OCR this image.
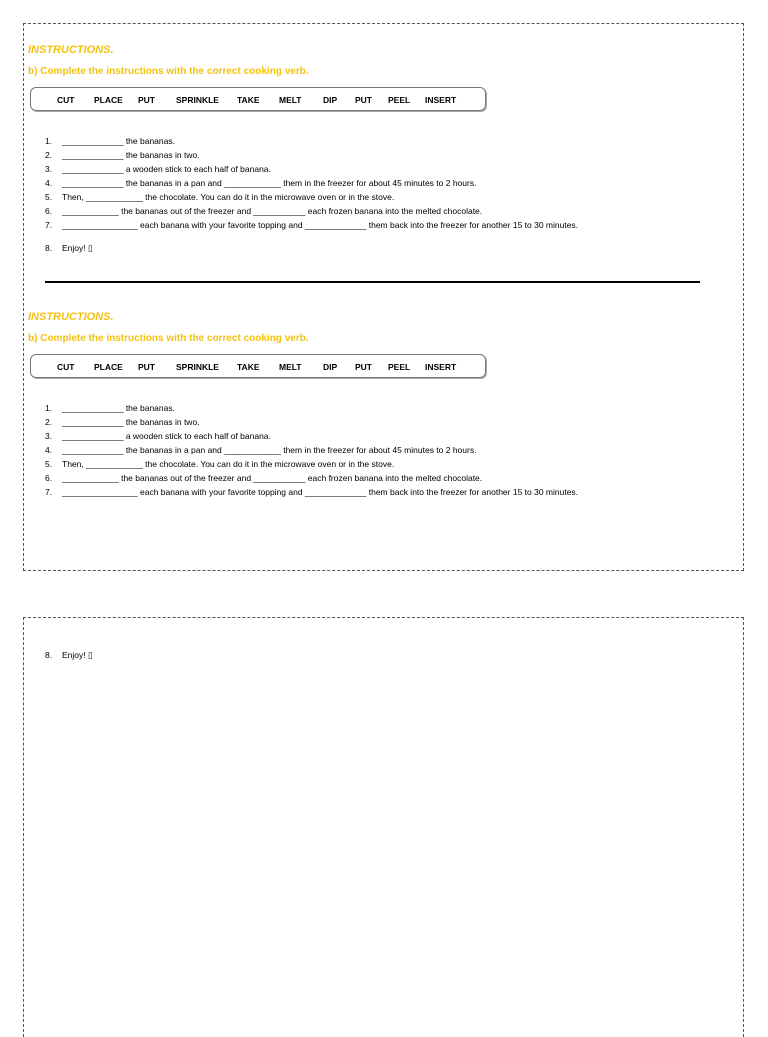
INSTRUCTIONS.
b) Complete the instructions with the correct cooking verb.
CUT PLACE PUT SPRINKLE TAKE MELT	DIP PUT PEEL INSERT
1. _____________ the bananas.
2. _____________ the bananas in two.
3. _____________ a wooden stick to each half of banana.
4. _____________ the bananas in a pan and ____________ them in the freezer for about 45 minutes to 2 hours.
5. Then, ____________ the chocolate. You can do it in the microwave oven or in the stove.
6. ____________ the bananas out of the freezer and ___________ each frozen banana into the melted chocolate.
7. ________________ each banana with your favorite topping and _____________ them back into the freezer for another 15 to 30 minutes.
8. Enjoy! ▯
INSTRUCTIONS.
b) Complete the instructions with the correct cooking verb.
CUT PLACE PUT SPRINKLE TAKE MELT	DIP PUT PEEL INSERT
1. _____________ the bananas.
2. _____________ the bananas in two.
3. _____________ a wooden stick to each half of banana.
4. _____________ the bananas in a pan and ____________ them in the freezer for about 45 minutes to 2 hours.
5. Then, ____________ the chocolate. You can do it in the microwave oven or in the stove.
6. ____________ the bananas out of the freezer and ___________ each frozen banana into the melted chocolate.
7. ________________ each banana with your favorite topping and _____________ them back into the freezer for another 15 to 30 minutes.
8. Enjoy! ▯
